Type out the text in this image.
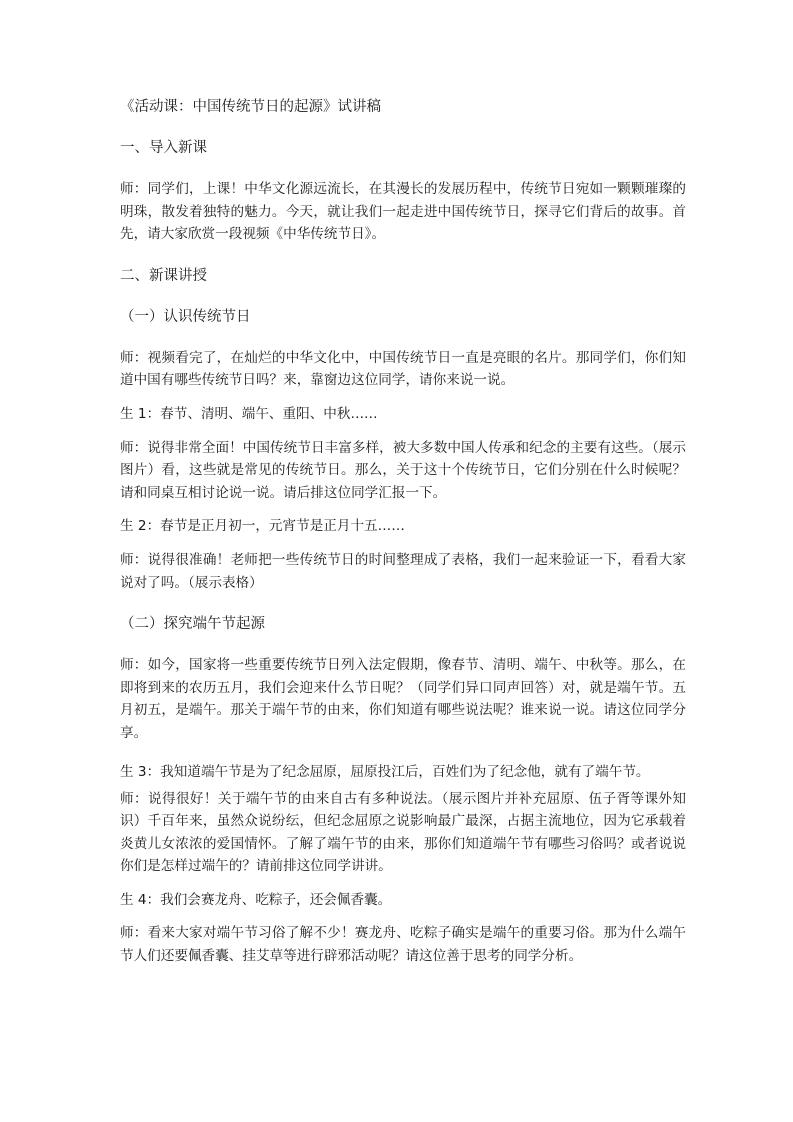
《活动课：中国传统节日的起源》试讲稿
一、导入新课
师：同学们，上课！中华文化源远流长，在其漫长的发展历程中，传统节日宛如一颗颗璀璨的明珠，散发着独特的魅力。今天，就让我们一起走进中国传统节日，探寻它们背后的故事。首先，请大家欣赏一段视频《中华传统节日》。
二、新课讲授
（一）认识传统节日
师：视频看完了，在灿烂的中华文化中，中国传统节日一直是亮眼的名片。那同学们，你们知道中国有哪些传统节日吗？来，靠窗边这位同学，请你来说一说。
生 1：春节、清明、端午、重阳、中秋……
师：说得非常全面！中国传统节日丰富多样，被大多数中国人传承和纪念的主要有这些。（展示图片）看，这些就是常见的传统节日。那么，关于这十个传统节日，它们分别在什么时候呢？请和同桌互相讨论说一说。请后排这位同学汇报一下。
生 2：春节是正月初一，元宵节是正月十五……
师：说得很准确！老师把一些传统节日的时间整理成了表格，我们一起来验证一下，看看大家说对了吗。（展示表格）
（二）探究端午节起源
师：如今，国家将一些重要传统节日列入法定假期，像春节、清明、端午、中秋等。那么，在即将到来的农历五月，我们会迎来什么节日呢？（同学们异口同声回答）对，就是端午节。五月初五，是端午。那关于端午节的由来，你们知道有哪些说法呢？谁来说一说。请这位同学分享。
生 3：我知道端午节是为了纪念屈原，屈原投江后，百姓们为了纪念他，就有了端午节。
师：说得很好！关于端午节的由来自古有多种说法。（展示图片并补充屈原、伍子胥等课外知识）千百年来，虽然众说纷纭，但纪念屈原之说影响最广最深，占据主流地位，因为它承载着炎黄儿女浓浓的爱国情怀。了解了端午节的由来，那你们知道端午节有哪些习俗吗？或者说说你们是怎样过端午的？请前排这位同学讲讲。
生 4：我们会赛龙舟、吃粽子，还会佩香囊。
师：看来大家对端午节习俗了解不少！赛龙舟、吃粽子确实是端午的重要习俗。那为什么端午节人们还要佩香囊、挂艾草等进行辟邪活动呢？请这位善于思考的同学分析。
